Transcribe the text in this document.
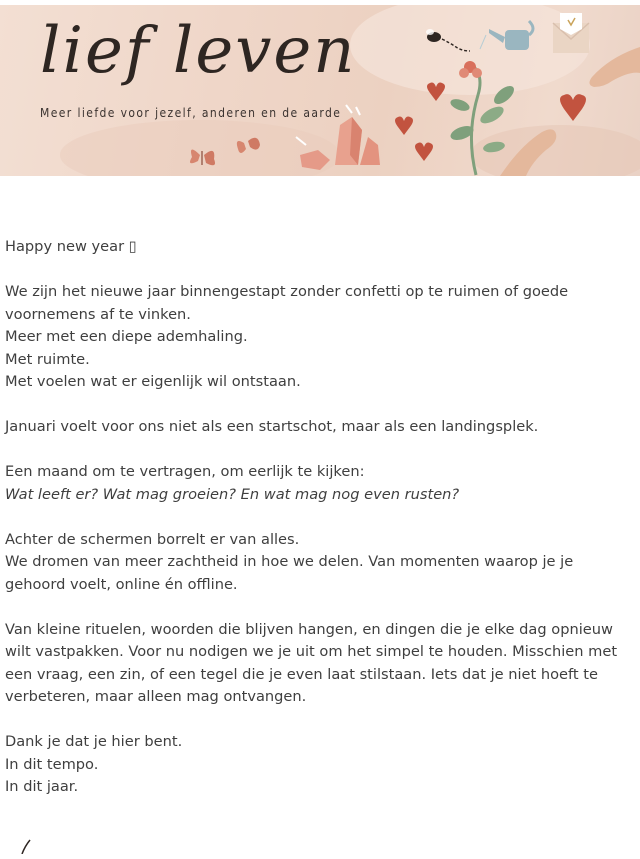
lief leven
Meer liefde voor jezelf, anderen en de aarde

Happy new year ▯

We zijn het nieuwe jaar binnengestapt zonder confetti op te ruimen of goede voornemens af te vinken.
Meer met een diepe ademhaling.
Met ruimte.
Met voelen wat er eigenlijk wil ontstaan.

Januari voelt voor ons niet als een startschot, maar als een landingsplek.

Een maand om te vertragen, om eerlijk te kijken:
Wat leeft er? Wat mag groeien? En wat mag nog even rusten?

Achter de schermen borrelt er van alles.
We dromen van meer zachtheid in hoe we delen. Van momenten waarop je je gehoord voelt, online én offline.

Van kleine rituelen, woorden die blijven hangen, en dingen die je elke dag opnieuw wilt vastpakken. Voor nu nodigen we je uit om het simpel te houden. Misschien met een vraag, een zin, of een tegel die je even laat stilstaan. Iets dat je niet hoeft te verbeteren, maar alleen mag ontvangen.

Dank je dat je hier bent.
In dit tempo.
In dit jaar.
